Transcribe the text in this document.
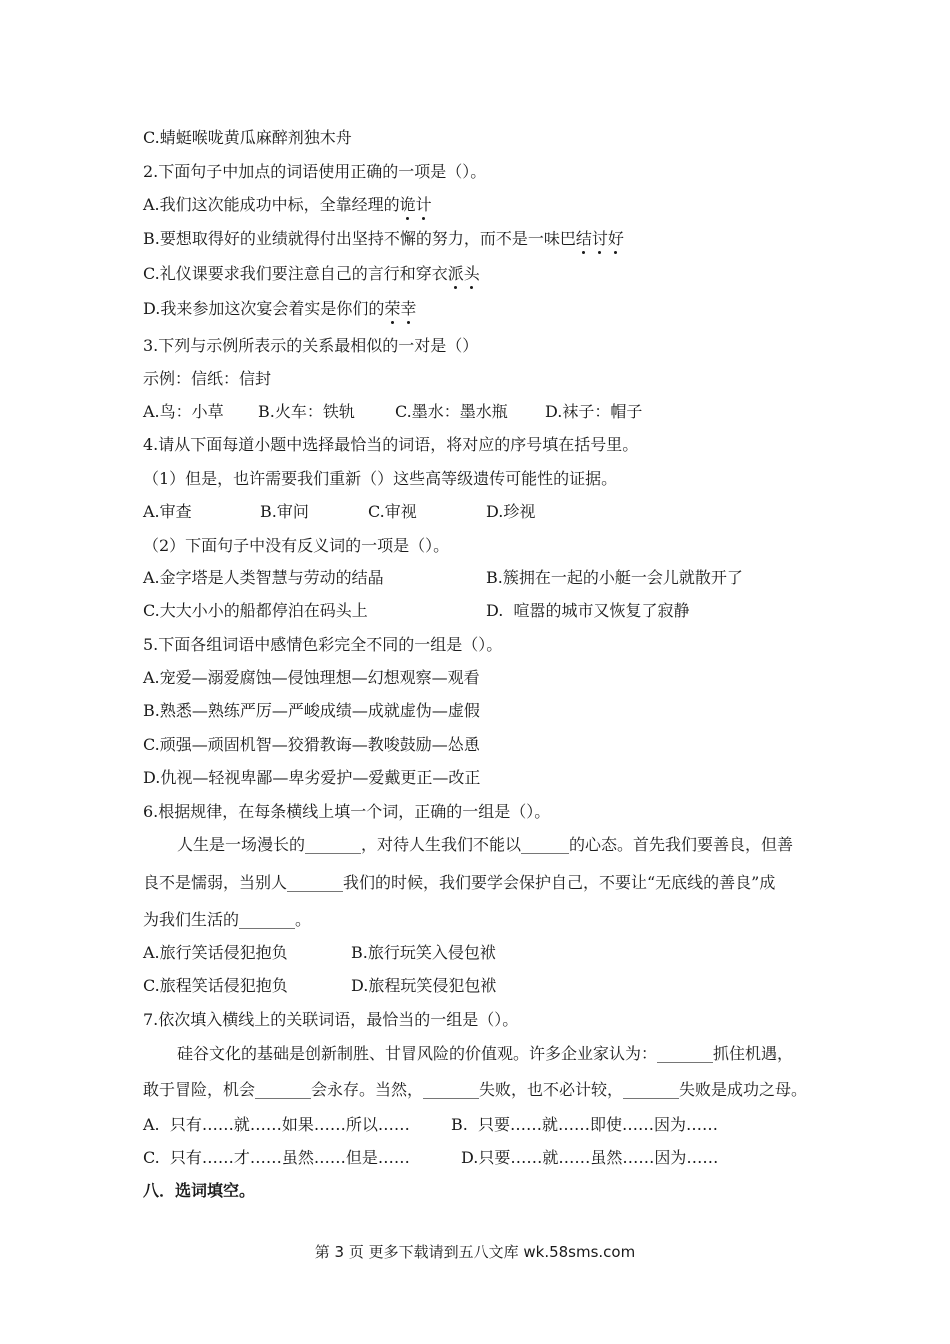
C.蜻蜓喉咙黄瓜麻醉剂独木舟
2.下面句子中加点的词语使用正确的一项是（）。
A.我们这次能成功中标，全靠经理的诡计
B.要想取得好的业绩就得付出坚持不懈的努力，而不是一味巴结讨好
C.礼仪课要求我们要注意自己的言行和穿衣派头
D.我来参加这次宴会着实是你们的荣幸
3.下列与示例所表示的关系最相似的一对是（）
示例：信纸：信封
A.鸟：小草 B.火车：铁轨	C.墨水：墨水瓶 D.袜子：帽子
4.请从下面每道小题中选择最恰当的词语，将对应的序号填在括号里。
（1）但是，也许需要我们重新（）这些高等级遗传可能性的证据。
A.审查	B.审问	C.审视	D.珍视
（2）下面句子中没有反义词的一项是（）。
A.金字塔是人类智慧与劳动的结晶	B.簇拥在一起的小艇一会儿就散开了
C.大大小小的船都停泊在码头上	D.  喧嚣的城市又恢复了寂静
5.下面各组词语中感情色彩完全不同的一组是（）。
A.宠爱—溺爱腐蚀—侵蚀理想—幻想观察—观看
B.熟悉—熟练严厉—严峻成绩—成就虚伪—虚假
C.顽强—顽固机智—狡猾教诲—教唆鼓励—怂恿
D.仇视—轻视卑鄙—卑劣爱护—爱戴更正—改正
6.根据规律，在每条横线上填一个词，正确的一组是（）。
人生是一场漫长的_______，对待人生我们不能以______的心态。首先我们要善良，但善
良不是懦弱，当别人_______我们的时候，我们要学会保护自己，不要让“无底线的善良”成
为我们生活的_______。
A.旅行笑话侵犯抱负	B.旅行玩笑入侵包袱
C.旅程笑话侵犯抱负	D.旅程玩笑侵犯包袱
7.依次填入横线上的关联词语，最恰当的一组是（）。
硅谷文化的基础是创新制胜、甘冒风险的价值观。许多企业家认为：_______抓住机遇，
敢于冒险，机会_______会永存。当然，_______失败，也不必计较，_______失败是成功之母。
A.  只有……就……如果……所以……	B.  只要……就……即使……因为……
C.  只有……才……虽然……但是……	D.只要……就……虽然……因为……
八．选词填空。
第 3 页 更多下载请到五八文库 wk.58sms.com
